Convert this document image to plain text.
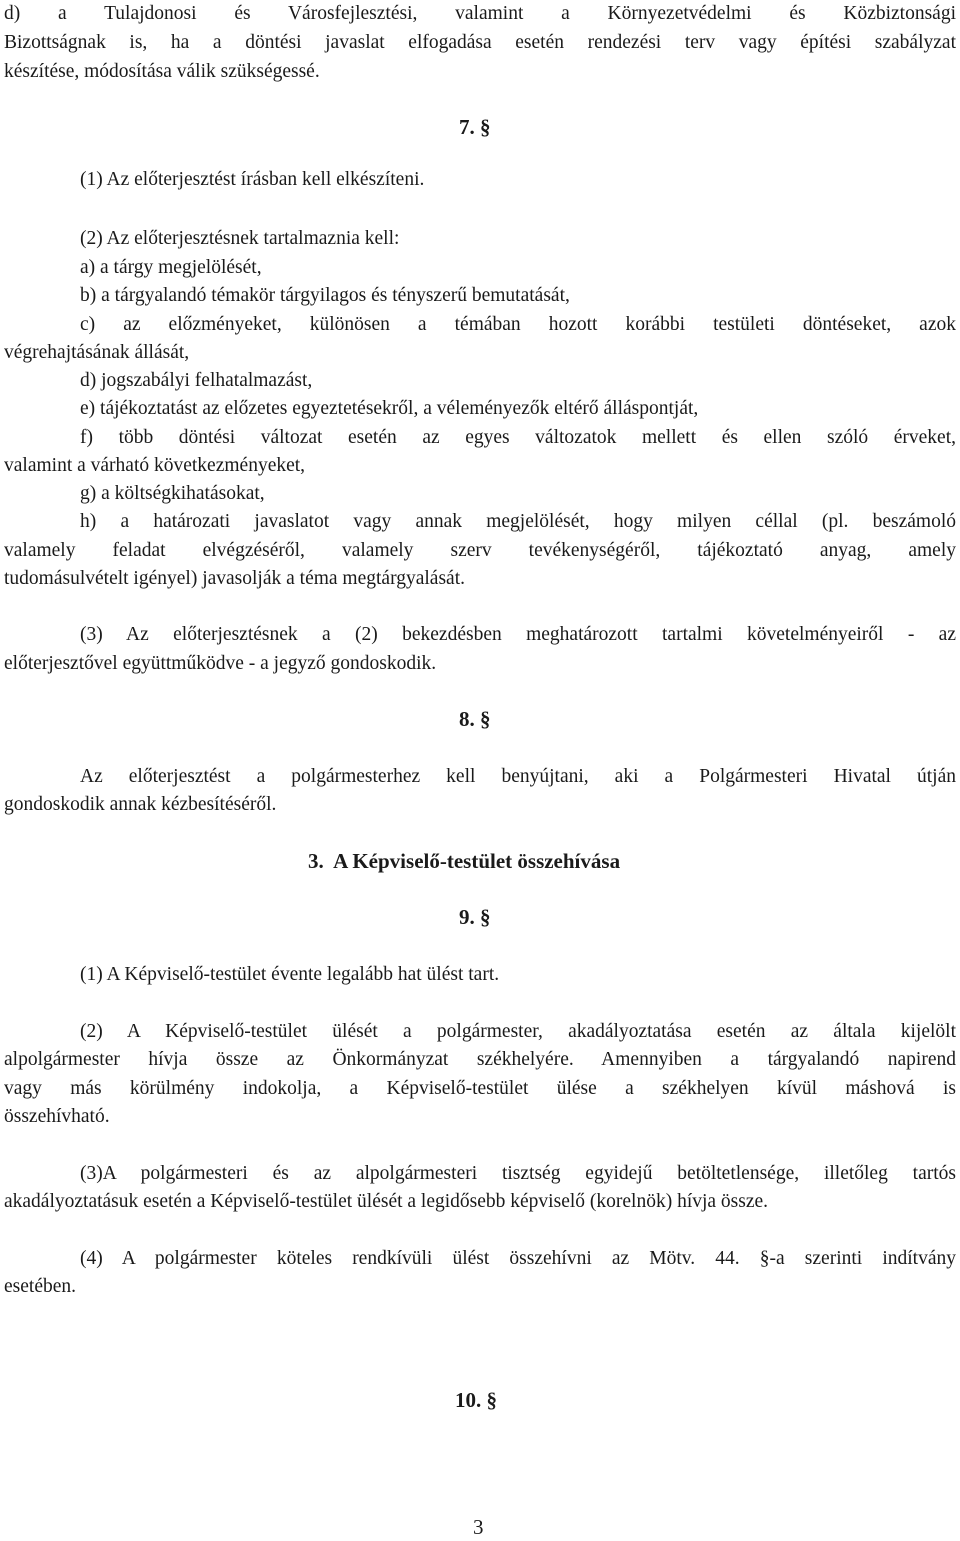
d) a Tulajdonosi és Városfejlesztési, valamint a Környezetvédelmi és Közbiztonsági
Bizottságnak is, ha a döntési javaslat elfogadása esetén rendezési terv vagy építési szabályzat
készítése, módosítása válik szükségessé.
7. §
(1) Az előterjesztést írásban kell elkészíteni.
(2) Az előterjesztésnek tartalmaznia kell:
a) a tárgy megjelölését,
b) a tárgyalandó témakör tárgyilagos és tényszerű bemutatását,
c) az előzményeket, különösen a témában hozott korábbi testületi döntéseket, azok
végrehajtásának állását,
d) jogszabályi felhatalmazást,
e) tájékoztatást az előzetes egyeztetésekről, a véleményezők eltérő álláspontját,
f) több döntési változat esetén az egyes változatok mellett és ellen szóló érveket,
valamint a várható következményeket,
g) a költségkihatásokat,
h) a határozati javaslatot vagy annak megjelölését, hogy milyen céllal (pl. beszámoló
valamely feladat elvégzéséről, valamely szerv tevékenységéről, tájékoztató anyag, amely
tudomásulvételt igényel) javasolják a téma megtárgyalását.
(3) Az előterjesztésnek a (2) bekezdésben meghatározott tartalmi követelményeiről - az
előterjesztővel együttműködve - a jegyző gondoskodik.
8. §
Az előterjesztést a polgármesterhez kell benyújtani, aki a Polgármesteri Hivatal útján
gondoskodik annak kézbesítéséről.
3.  A Képviselő-testület összehívása
9. §
(1) A Képviselő-testület évente legalább hat ülést tart.
(2) A Képviselő-testület ülését a polgármester, akadályoztatása esetén az általa kijelölt
alpolgármester hívja össze az Önkormányzat székhelyére. Amennyiben a tárgyalandó napirend
vagy más körülmény indokolja, a Képviselő-testület ülése a székhelyen kívül máshová is
összehívható.
(3)A polgármesteri és az alpolgármesteri tisztség egyidejű betöltetlensége, illetőleg tartós
akadályoztatásuk esetén a Képviselő-testület ülését a legidősebb képviselő (korelnök) hívja össze.
(4) A polgármester köteles rendkívüli ülést összehívni az Mötv. 44. §-a szerinti indítvány
esetében.
10. §
3
